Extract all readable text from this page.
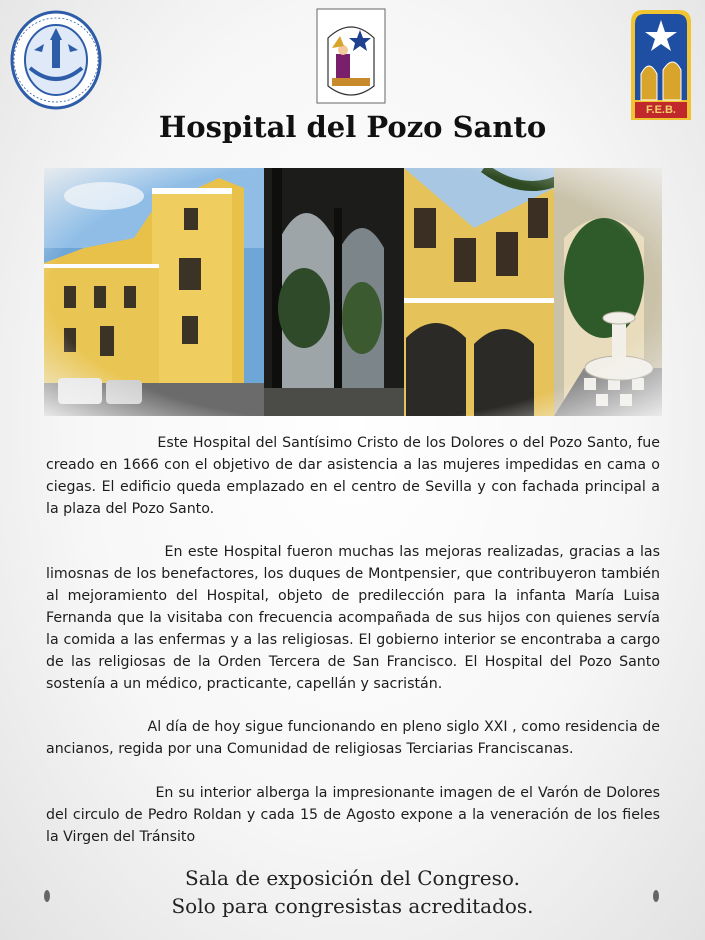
F.E.B.
Hospital del Pozo Santo
Este Hospital del Santísimo Cristo de los Dolores o del Pozo Santo, fue creado en 1666 con el objetivo de dar asistencia a las mujeres impedidas en cama o ciegas. El edificio queda emplazado en el centro de Sevilla y con fachada principal a la plaza del Pozo Santo.
En este Hospital fueron muchas las mejoras realizadas, gracias a las limosnas de los benefactores, los duques de Montpensier, que contribuyeron también al mejoramiento del Hospital, objeto de predilección para la infanta María Luisa Fernanda que la visitaba con frecuencia acompañada de sus hijos con quienes servía la comida a las enfermas y a las religiosas. El gobierno interior se encontraba a cargo de las religiosas de la Orden Tercera de San Francisco. El Hospital del Pozo Santo sostenía a un médico, practicante, capellán y sacristán.
Al día de hoy sigue funcionando en pleno siglo XXI , como residencia de ancianos, regida por una Comunidad de religiosas Terciarias Franciscanas.
En su interior alberga la impresionante imagen de el Varón de Dolores del circulo de Pedro Roldan y cada 15 de Agosto expone a la veneración de los fieles la Virgen del Tránsito
Sala de exposición del Congreso.
Solo para congresistas acreditados.
